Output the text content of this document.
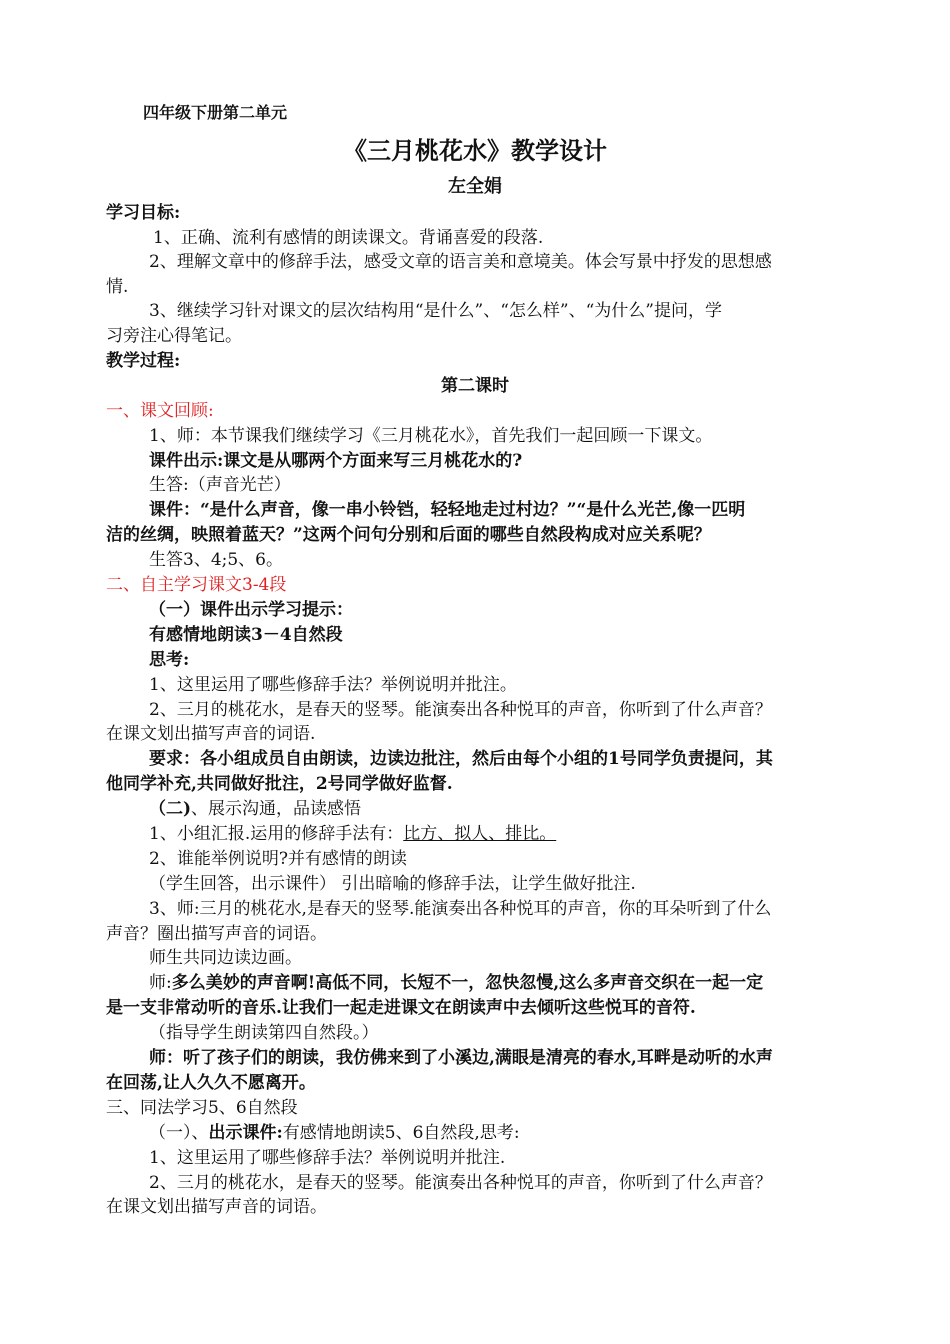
四年级下册第二单元
《三月桃花水》教学设计
左全娟
学习目标:
1、正确、流利有感情的朗读课文。背诵喜爱的段落.
2、理解文章中的修辞手法，感受文章的语言美和意境美。体会写景中抒发的思想感
情.
3、继续学习针对课文的层次结构用“是什么”、“怎么样”、“为什么”提问，学
习旁注心得笔记。
教学过程:
第二课时
一、课文回顾:
1、师：本节课我们继续学习《三月桃花水》，首先我们一起回顾一下课文。
课件出示:课文是从哪两个方面来写三月桃花水的?
生答:（声音光芒）
课件：“是什么声音，像一串小铃铛，轻轻地走过村边？”“是什么光芒,像一匹明
洁的丝绸，映照着蓝天？”这两个问句分别和后面的哪些自然段构成对应关系呢？
生答3、4;5、6。
二、自主学习课文3-4段
（一）课件出示学习提示：
有感情地朗读3－4自然段
思考:
1、这里运用了哪些修辞手法？举例说明并批注。
2、三月的桃花水，是春天的竖琴。能演奏出各种悦耳的声音，你听到了什么声音？
在课文划出描写声音的词语.
要求：各小组成员自由朗读，边读边批注，然后由每个小组的1号同学负责提问，其
他同学补充,共同做好批注，2号同学做好监督.
（二)、展示沟通，品读感悟
1、小组汇报.运用的修辞手法有：比方、拟人、排比。
2、谁能举例说明?并有感情的朗读
（学生回答，出示课件） 引出暗喻的修辞手法，让学生做好批注.
3、师:三月的桃花水,是春天的竖琴.能演奏出各种悦耳的声音，你的耳朵听到了什么
声音？圈出描写声音的词语。
师生共同边读边画。
师:多么美妙的声音啊!高低不同，长短不一，忽快忽慢,这么多声音交织在一起一定
是一支非常动听的音乐.让我们一起走进课文在朗读声中去倾听这些悦耳的音符.
（指导学生朗读第四自然段。）
师：听了孩子们的朗读，我仿佛来到了小溪边,满眼是清亮的春水,耳畔是动听的水声
在回荡,让人久久不愿离开。
三、同法学习5、6自然段
（一）、出示课件:有感情地朗读5、6自然段,思考:
1、这里运用了哪些修辞手法？举例说明并批注.
2、三月的桃花水，是春天的竖琴。能演奏出各种悦耳的声音，你听到了什么声音？
在课文划出描写声音的词语。
